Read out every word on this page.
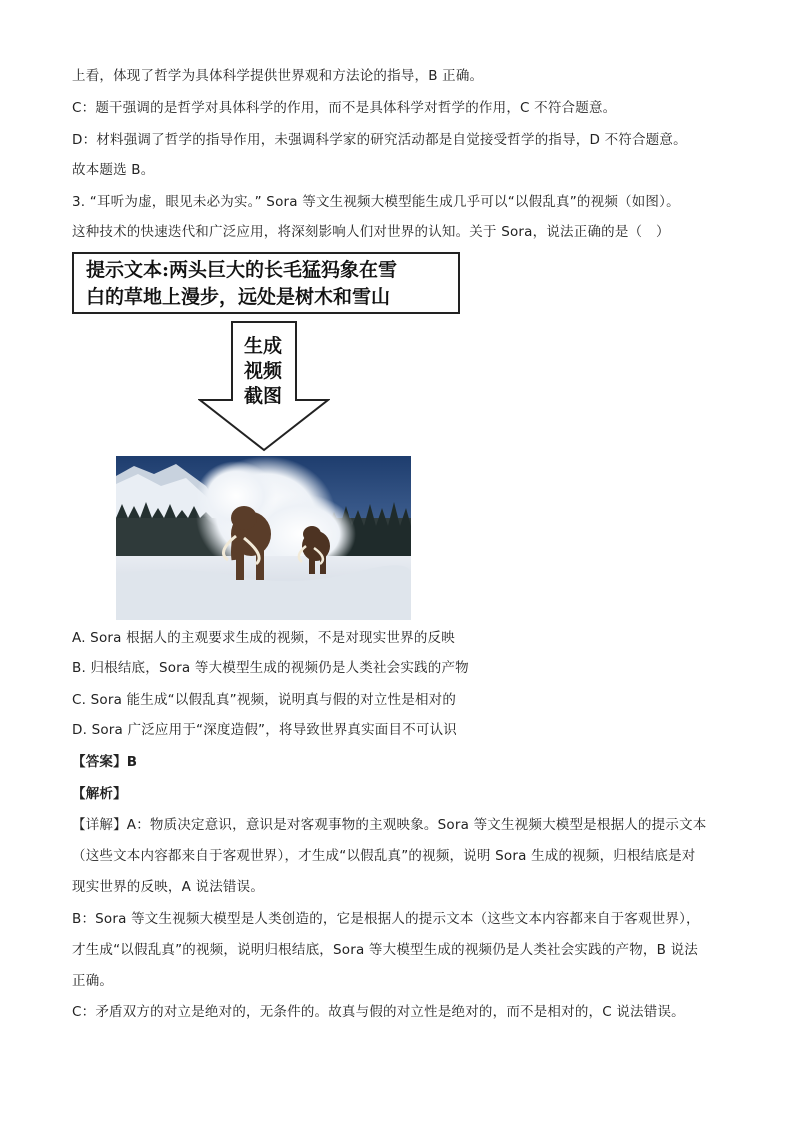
上看，体现了哲学为具体科学提供世界观和方法论的指导，B 正确。
C：题干强调的是哲学对具体科学的作用，而不是具体科学对哲学的作用，C 不符合题意。
D：材料强调了哲学的指导作用，未强调科学家的研究活动都是自觉接受哲学的指导，D 不符合题意。
故本题选 B。
3. “耳听为虚，眼见未必为实。” Sora 等文生视频大模型能生成几乎可以“以假乱真”的视频（如图）。
这种技术的快速迭代和广泛应用，将深刻影响人们对世界的认知。关于 Sora，说法正确的是（　）
提示文本:两头巨大的长毛猛犸象在雪
白的草地上漫步，远处是树木和雪山
生成
视频
截图
A. Sora 根据人的主观要求生成的视频，不是对现实世界的反映
B. 归根结底，Sora 等大模型生成的视频仍是人类社会实践的产物
C. Sora 能生成“以假乱真”视频，说明真与假的对立性是相对的
D. Sora 广泛应用于“深度造假”，将导致世界真实面目不可认识
【答案】B
【解析】
【详解】A：物质决定意识，意识是对客观事物的主观映象。Sora 等文生视频大模型是根据人的提示文本
（这些文本内容都来自于客观世界），才生成“以假乱真”的视频，说明 Sora 生成的视频，归根结底是对
现实世界的反映，A 说法错误。
B：Sora 等文生视频大模型是人类创造的，它是根据人的提示文本（这些文本内容都来自于客观世界），
才生成“以假乱真”的视频，说明归根结底，Sora 等大模型生成的视频仍是人类社会实践的产物，B 说法
正确。
C：矛盾双方的对立是绝对的，无条件的。故真与假的对立性是绝对的，而不是相对的，C 说法错误。
